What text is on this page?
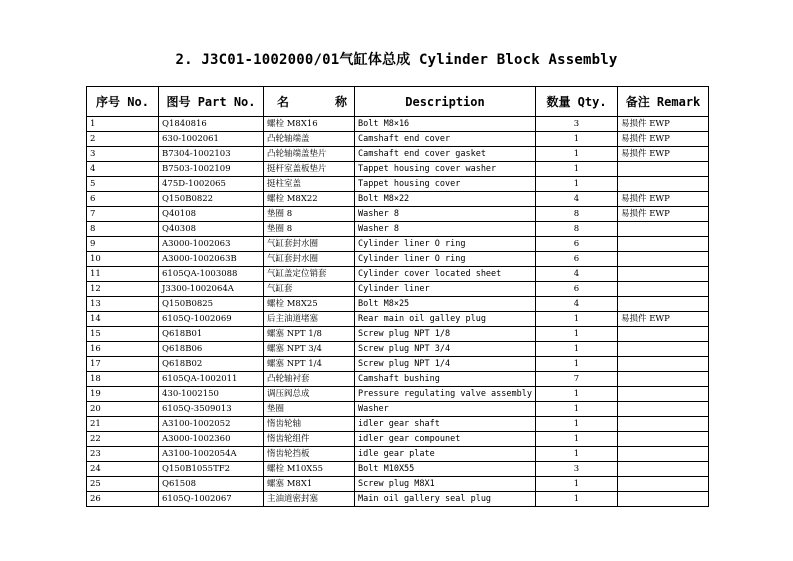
2. J3C01-1002000/01气缸体总成 Cylinder Block Assembly
序号 No.	图号 Part No.	名 称	Description	数量 Qty.	备注 Remark
1	Q1840816	螺栓 M8X16	Bolt M8×16	3	易损件 EWP
2	630-1002061	凸轮轴端盖	Camshaft end cover	1	易损件 EWP
3	B7304-1002103	凸轮轴端盖垫片	Camshaft end cover gasket	1	易损件 EWP
4	B7503-1002109	挺杆室盖板垫片	Tappet housing cover washer	1	
5	475D-1002065	挺柱室盖	Tappet housing cover	1	
6	Q150B0822	螺栓 M8X22	Bolt M8×22	4	易损件 EWP
7	Q40108	垫圈 8	Washer 8	8	易损件 EWP
8	Q40308	垫圈 8	Washer 8	8	
9	A3000-1002063	气缸套封水圈	Cylinder liner O ring	6	
10	A3000-1002063B	气缸套封水圈	Cylinder liner O ring	6	
11	6105QA-1003088	气缸盖定位销套	Cylinder cover located sheet	4	
12	J3300-1002064A	气缸套	Cylinder liner	6	
13	Q150B0825	螺栓 M8X25	Bolt M8×25	4	
14	6105Q-1002069	后主油道堵塞	Rear main oil galley plug	1	易损件 EWP
15	Q618B01	螺塞 NPT 1/8	Screw plug NPT 1/8	1	
16	Q618B06	螺塞 NPT 3/4	Screw plug NPT 3/4	1	
17	Q618B02	螺塞 NPT 1/4	Screw plug NPT 1/4	1	
18	6105QA-1002011	凸轮轴衬套	Camshaft bushing	7	
19	430-1002150	调压阀总成	Pressure regulating valve assembly	1	
20	6105Q-3509013	垫圈	Washer	1	
21	A3100-1002052	惰齿轮轴	idler gear shaft	1	
22	A3000-1002360	惰齿轮组件	idler gear compounet	1	
23	A3100-1002054A	惰齿轮挡板	idle gear plate	1	
24	Q150B1055TF2	螺栓 M10X55	Bolt M10X55	3	
25	Q61508	螺塞 M8X1	Screw plug M8X1	1	
26	6105Q-1002067	主油道密封塞	Main oil gallery seal plug	1	
